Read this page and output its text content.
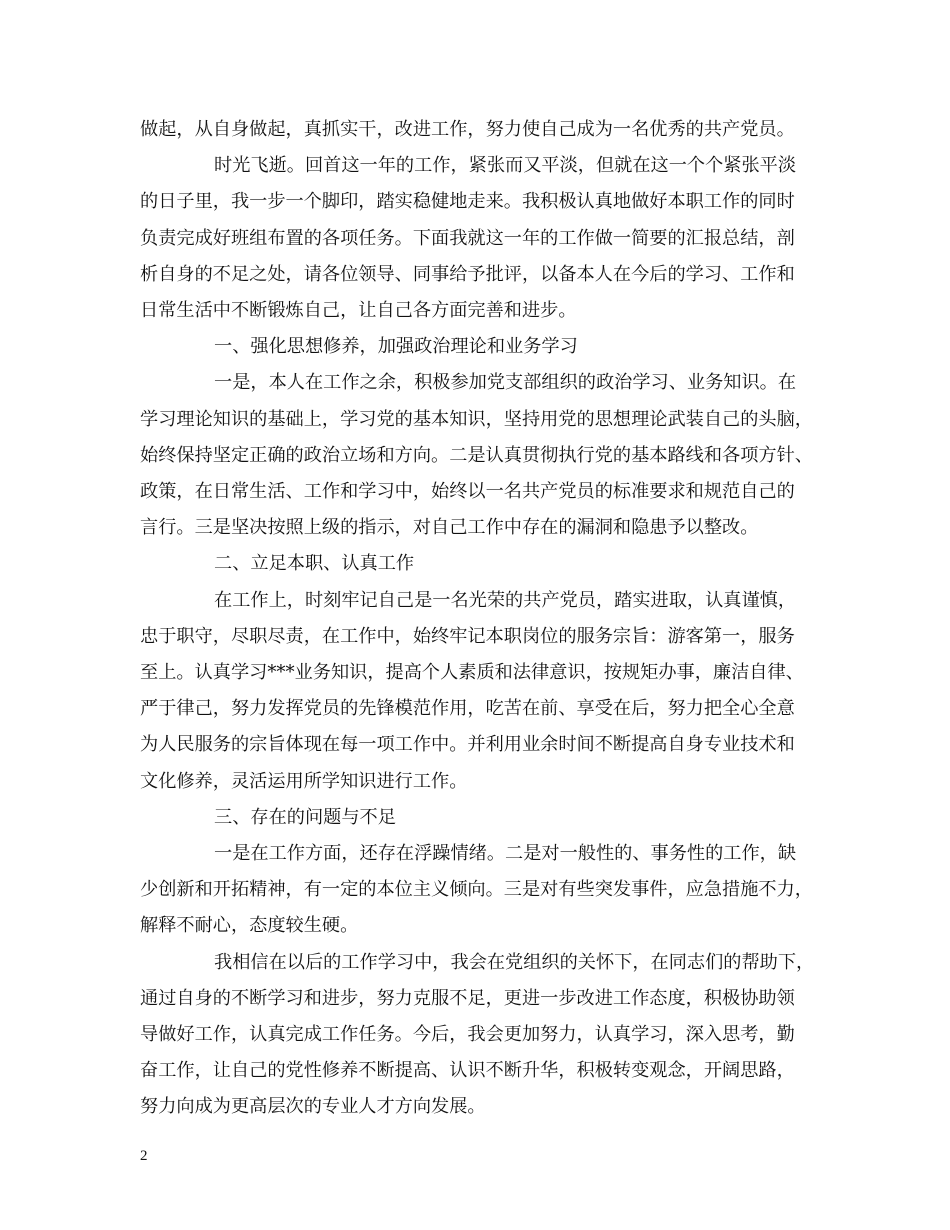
做起，从自身做起，真抓实干，改进工作，努力使自己成为一名优秀的共产党员。
时光飞逝。回首这一年的工作，紧张而又平淡，但就在这一个个紧张平淡
的日子里，我一步一个脚印，踏实稳健地走来。我积极认真地做好本职工作的同时
负责完成好班组布置的各项任务。下面我就这一年的工作做一简要的汇报总结，剖
析自身的不足之处，请各位领导、同事给予批评，以备本人在今后的学习、工作和
日常生活中不断锻炼自己，让自己各方面完善和进步。
一、强化思想修养，加强政治理论和业务学习
一是，本人在工作之余，积极参加党支部组织的政治学习、业务知识。在
学习理论知识的基础上，学习党的基本知识，坚持用党的思想理论武装自己的头脑，
始终保持坚定正确的政治立场和方向。二是认真贯彻执行党的基本路线和各项方针、
政策，在日常生活、工作和学习中，始终以一名共产党员的标准要求和规范自己的
言行。三是坚决按照上级的指示，对自己工作中存在的漏洞和隐患予以整改。
二、立足本职、认真工作
在工作上，时刻牢记自己是一名光荣的共产党员，踏实进取，认真谨慎，
忠于职守，尽职尽责，在工作中，始终牢记本职岗位的服务宗旨：游客第一，服务
至上。认真学习***业务知识，提高个人素质和法律意识，按规矩办事，廉洁自律、
严于律己，努力发挥党员的先锋模范作用，吃苦在前、享受在后，努力把全心全意
为人民服务的宗旨体现在每一项工作中。并利用业余时间不断提高自身专业技术和
文化修养，灵活运用所学知识进行工作。
三、存在的问题与不足
一是在工作方面，还存在浮躁情绪。二是对一般性的、事务性的工作，缺
少创新和开拓精神，有一定的本位主义倾向。三是对有些突发事件，应急措施不力，
解释不耐心，态度较生硬。
我相信在以后的工作学习中，我会在党组织的关怀下，在同志们的帮助下，
通过自身的不断学习和进步，努力克服不足，更进一步改进工作态度，积极协助领
导做好工作，认真完成工作任务。今后，我会更加努力，认真学习，深入思考，勤
奋工作，让自己的党性修养不断提高、认识不断升华，积极转变观念，开阔思路，
努力向成为更高层次的专业人才方向发展。
2
